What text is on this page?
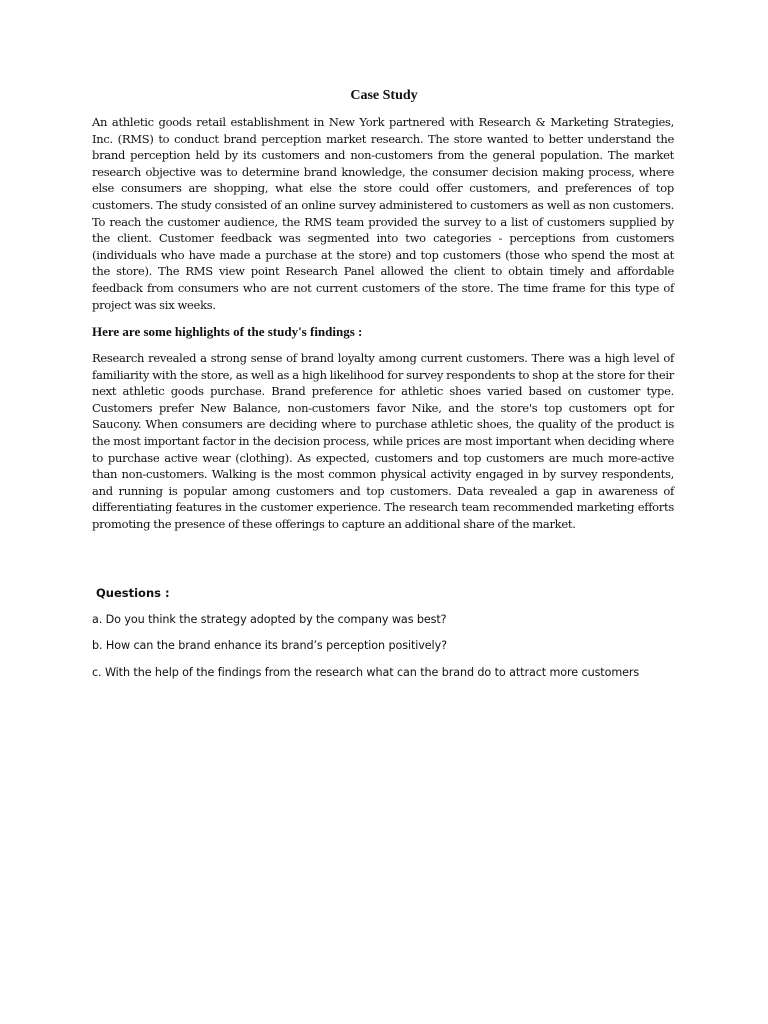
Case Study
An athletic goods retail establishment in New York partnered with Research & Marketing Strategies, Inc. (RMS) to conduct brand perception market research. The store wanted to better understand the brand perception held by its customers and non-customers from the general population. The market research objective was to determine brand knowledge, the consumer decision making process, where else consumers are shopping, what else the store could offer customers, and preferences of top customers. The study consisted of an online survey administered to customers as well as non customers. To reach the customer audience, the RMS team provided the survey to a list of customers supplied by the client. Customer feedback was segmented into two categories - perceptions from customers (individuals who have made a purchase at the store) and top customers (those who spend the most at the store). The RMS view point Research Panel allowed the client to obtain timely and affordable feedback from consumers who are not current customers of the store. The time frame for this type of project was six weeks.
Here are some highlights of the study's findings :
Research revealed a strong sense of brand loyalty among current customers. There was a high level of familiarity with the store, as well as a high likelihood for survey respondents to shop at the store for their next athletic goods purchase. Brand preference for athletic shoes varied based on customer type. Customers prefer New Balance, non-customers favor Nike, and the store's top customers opt for Saucony. When consumers are deciding where to purchase athletic shoes, the quality of the product is the most important factor in the decision process, while prices are most important when deciding where to purchase active wear (clothing). As expected, customers and top customers are much more-active than non-customers. Walking is the most common physical activity engaged in by survey respondents, and running is popular among customers and top customers. Data revealed a gap in awareness of differentiating features in the customer experience. The research team recommended marketing efforts promoting the presence of these offerings to capture an additional share of the market.
Questions :
a. Do you think the strategy adopted by the company was best?
b. How can the brand enhance its brand’s perception positively?
c. With the help of the findings from the research what can the brand do to attract more customers
